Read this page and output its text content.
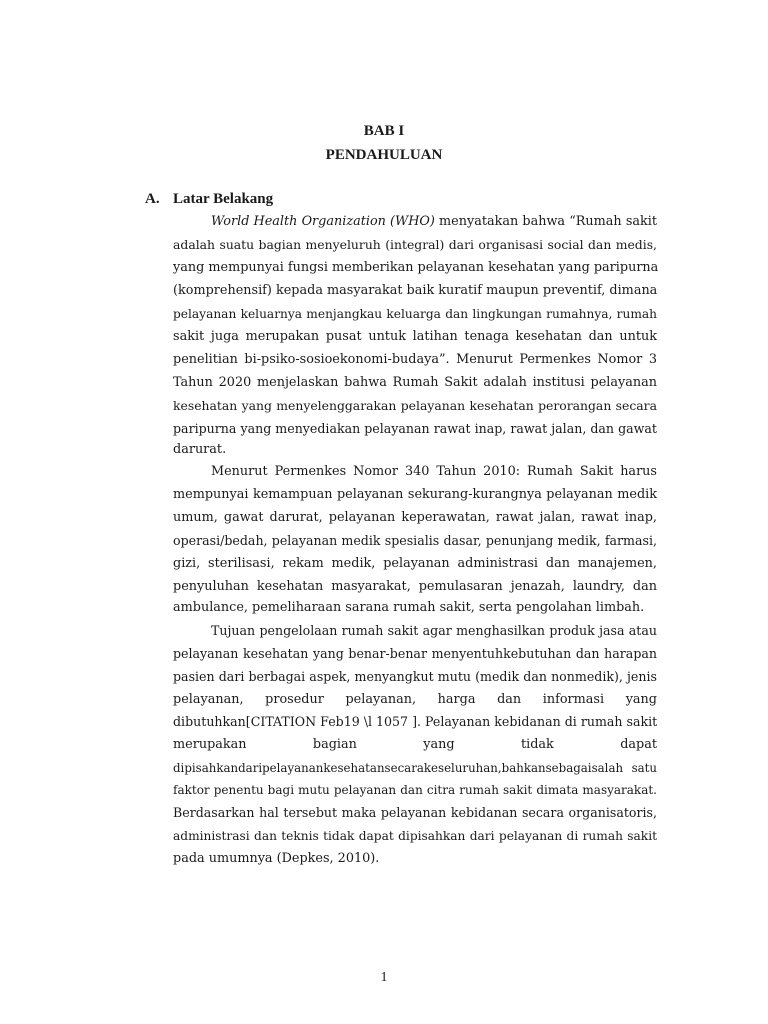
BAB I
PENDAHULUAN
A. Latar Belakang
World Health Organization (WHO) menyatakan bahwa “Rumah sakit
adalah suatu bagian menyeluruh (integral) dari organisasi social dan medis,
yang mempunyai fungsi memberikan pelayanan kesehatan yang paripurna
(komprehensif) kepada masyarakat baik kuratif maupun preventif, dimana
pelayanan keluarnya menjangkau keluarga dan lingkungan rumahnya, rumah
sakit juga merupakan pusat untuk latihan tenaga kesehatan dan untuk
penelitian bi-psiko-sosioekonomi-budaya”. Menurut Permenkes Nomor 3
Tahun 2020 menjelaskan bahwa Rumah Sakit adalah institusi pelayanan
kesehatan yang menyelenggarakan pelayanan kesehatan perorangan secara
paripurna yang menyediakan pelayanan rawat inap, rawat jalan, dan gawat
darurat.
Menurut Permenkes Nomor 340 Tahun 2010: Rumah Sakit harus
mempunyai kemampuan pelayanan sekurang-kurangnya pelayanan medik
umum, gawat darurat, pelayanan keperawatan, rawat jalan, rawat inap,
operasi/bedah, pelayanan medik spesialis dasar, penunjang medik, farmasi,
gizi, sterilisasi, rekam medik, pelayanan administrasi dan manajemen,
penyuluhan kesehatan masyarakat, pemulasaran jenazah, laundry, dan
ambulance, pemeliharaan sarana rumah sakit, serta pengolahan limbah.
Tujuan pengelolaan rumah sakit agar menghasilkan produk jasa atau
pelayanan kesehatan yang benar-benar menyentuhkebutuhan dan harapan
pasien dari berbagai aspek, menyangkut mutu (medik dan nonmedik), jenis
pelayanan, prosedur pelayanan, harga dan informasi yang
dibutuhkan[CITATION Feb19 \l 1057 ]. Pelayanan kebidanan di rumah sakit
merupakan bagian yang tidak dapat
dipisahkandaripelayanankesehatansecarakeseluruhan,bahkansebagaisalah satu
faktor penentu bagi mutu pelayanan dan citra rumah sakit dimata masyarakat.
Berdasarkan hal tersebut maka pelayanan kebidanan secara organisatoris,
administrasi dan teknis tidak dapat dipisahkan dari pelayanan di rumah sakit
pada umumnya (Depkes, 2010).
1
